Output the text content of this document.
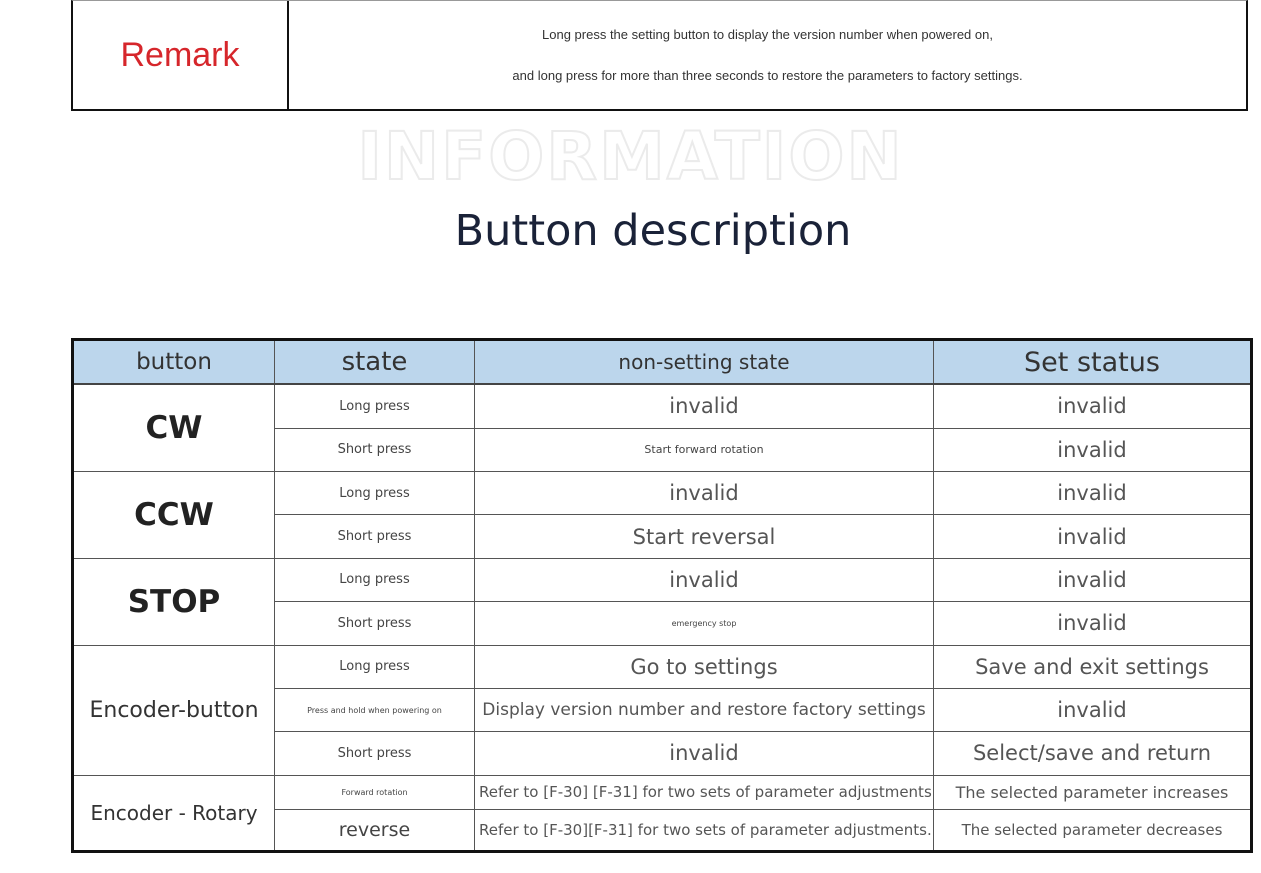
Remark
Long press the setting button to display the version number when powered on,
and long press for more than three seconds to restore the parameters to factory settings.
INFORMATION
Button description
button	state	non-setting state	Set status
CW	Long press	invalid	invalid
	Short press	Start forward rotation	invalid
CCW	Long press	invalid	invalid
	Short press	Start reversal	invalid
STOP	Long press	invalid	invalid
	Short press	emergency stop	invalid
Encoder-button	Long press	Go to settings	Save and exit settings
	Press and hold when powering on	Display version number and restore factory settings	invalid
	Short press	invalid	Select/save and return
Encoder - Rotary	Forward rotation	Refer to [F-30] [F-31] for two sets of parameter adjustments	The selected parameter increases
	reverse	Refer to [F-30][F-31] for two sets of parameter adjustments.	The selected parameter decreases
